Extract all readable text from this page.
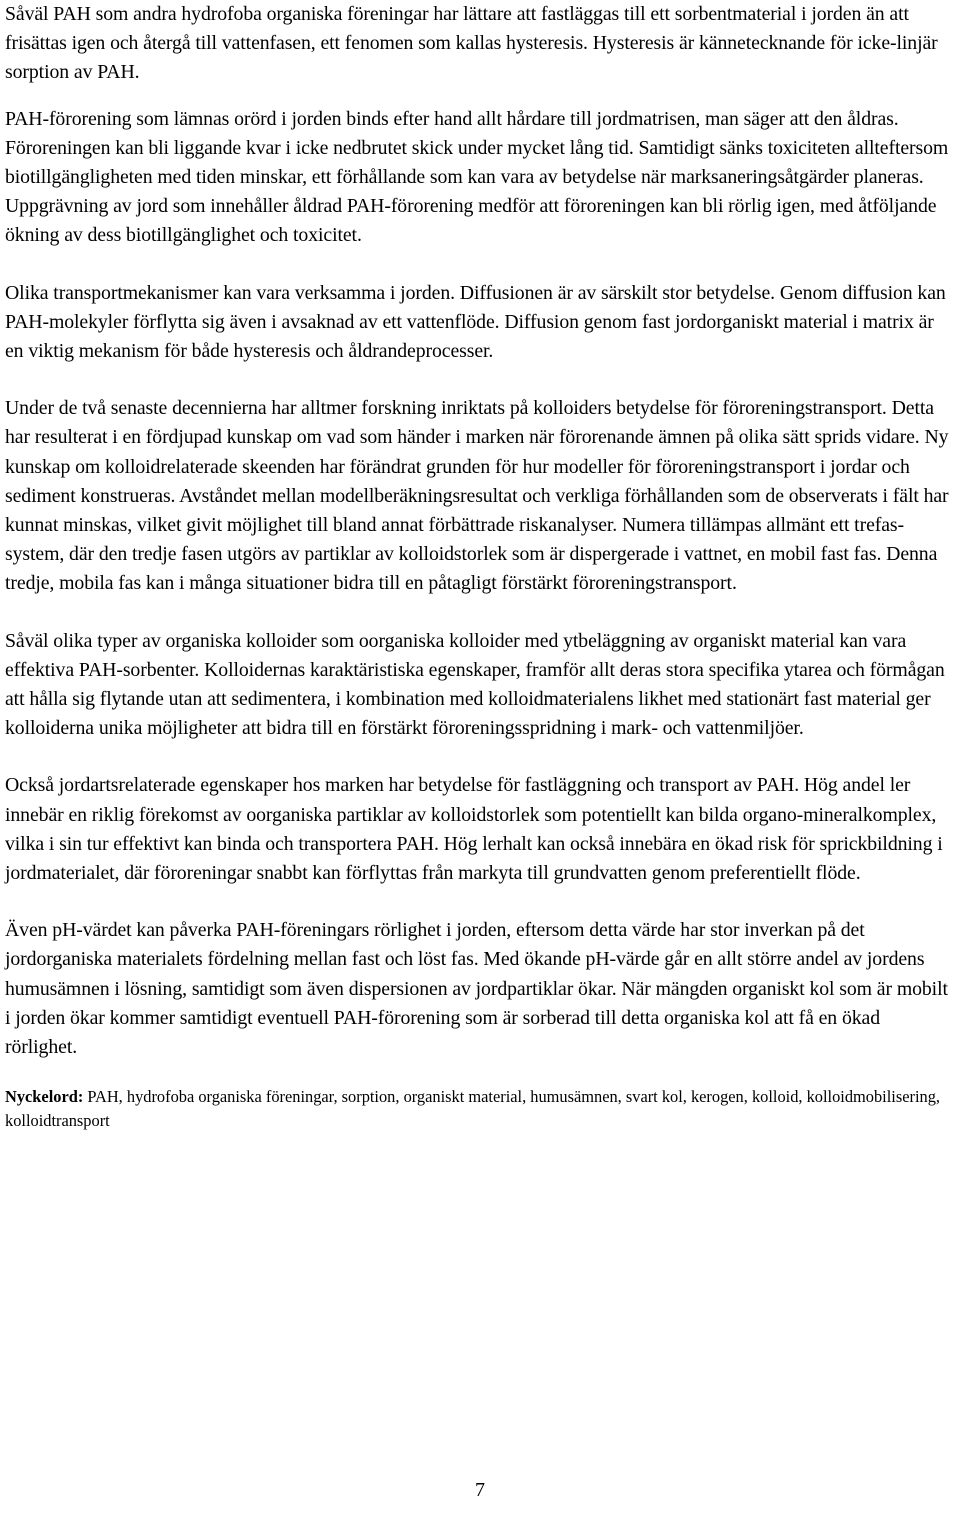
Såväl PAH som andra hydrofoba organiska föreningar har lättare att fastläggas till ett sorbentmaterial i jorden än att frisättas igen och återgå till vattenfasen, ett fenomen som kallas hysteresis. Hysteresis är kännetecknande för icke-linjär sorption av PAH.

PAH-förorening som lämnas orörd i jorden binds efter hand allt hårdare till jordmatrisen, man säger att den åldras. Föroreningen kan bli liggande kvar i icke nedbrutet skick under mycket lång tid. Samtidigt sänks toxiciteten allteftersom biotillgängligheten med tiden minskar, ett förhållande som kan vara av betydelse när marksaneringsåtgärder planeras. Uppgrävning av jord som innehåller åldrad PAH-förorening medför att föroreningen kan bli rörlig igen, med åtföljande ökning av dess biotillgänglighet och toxicitet.

Olika transportmekanismer kan vara verksamma i jorden. Diffusionen är av särskilt stor betydelse. Genom diffusion kan PAH-molekyler förflytta sig även i avsaknad av ett vattenflöde. Diffusion genom fast jordorganiskt material i matrix är en viktig mekanism för både hysteresis och åldrandeprocesser.

Under de två senaste decennierna har alltmer forskning inriktats på kolloiders betydelse för föroreningstransport. Detta har resulterat i en fördjupad kunskap om vad som händer i marken när förorenande ämnen på olika sätt sprids vidare. Ny kunskap om kolloidrelaterade skeenden har förändrat grunden för hur modeller för föroreningstransport i jordar och sediment konstrueras. Avståndet mellan modellberäkningsresultat och verkliga förhållanden som de observerats i fält har kunnat minskas, vilket givit möjlighet till bland annat förbättrade riskanalyser. Numera tillämpas allmänt ett trefas-system, där den tredje fasen utgörs av partiklar av kolloidstorlek som är dispergerade i vattnet, en mobil fast fas. Denna tredje, mobila fas kan i många situationer bidra till en påtagligt förstärkt föroreningstransport.

Såväl olika typer av organiska kolloider som oorganiska kolloider med ytbeläggning av organiskt material kan vara effektiva PAH-sorbenter. Kolloidernas karaktäristiska egenskaper, framför allt deras stora specifika ytarea och förmågan att hålla sig flytande utan att sedimentera, i kombination med kolloidmaterialens likhet med stationärt fast material ger kolloiderna unika möjligheter att bidra till en förstärkt föroreningsspridning i mark- och vattenmiljöer.

Också jordartsrelaterade egenskaper hos marken har betydelse för fastläggning och transport av PAH. Hög andel ler innebär en riklig förekomst av oorganiska partiklar av kolloidstorlek som potentiellt kan bilda organo-mineralkomplex, vilka i sin tur effektivt kan binda och transportera PAH. Hög lerhalt kan också innebära en ökad risk för sprickbildning i jordmaterialet, där föroreningar snabbt kan förflyttas från markyta till grundvatten genom preferentiellt flöde.

Även pH-värdet kan påverka PAH-föreningars rörlighet i jorden, eftersom detta värde har stor inverkan på det jordorganiska materialets fördelning mellan fast och löst fas. Med ökande pH-värde går en allt större andel av jordens humusämnen i lösning, samtidigt som även dispersionen av jordpartiklar ökar. När mängden organiskt kol som är mobilt i jorden ökar kommer samtidigt eventuell PAH-förorening som är sorberad till detta organiska kol att få en ökad rörlighet.

Nyckelord: PAH, hydrofoba organiska föreningar, sorption, organiskt material, humusämnen, svart kol, kerogen, kolloid, kolloidmobilisering, kolloidtransport

7
